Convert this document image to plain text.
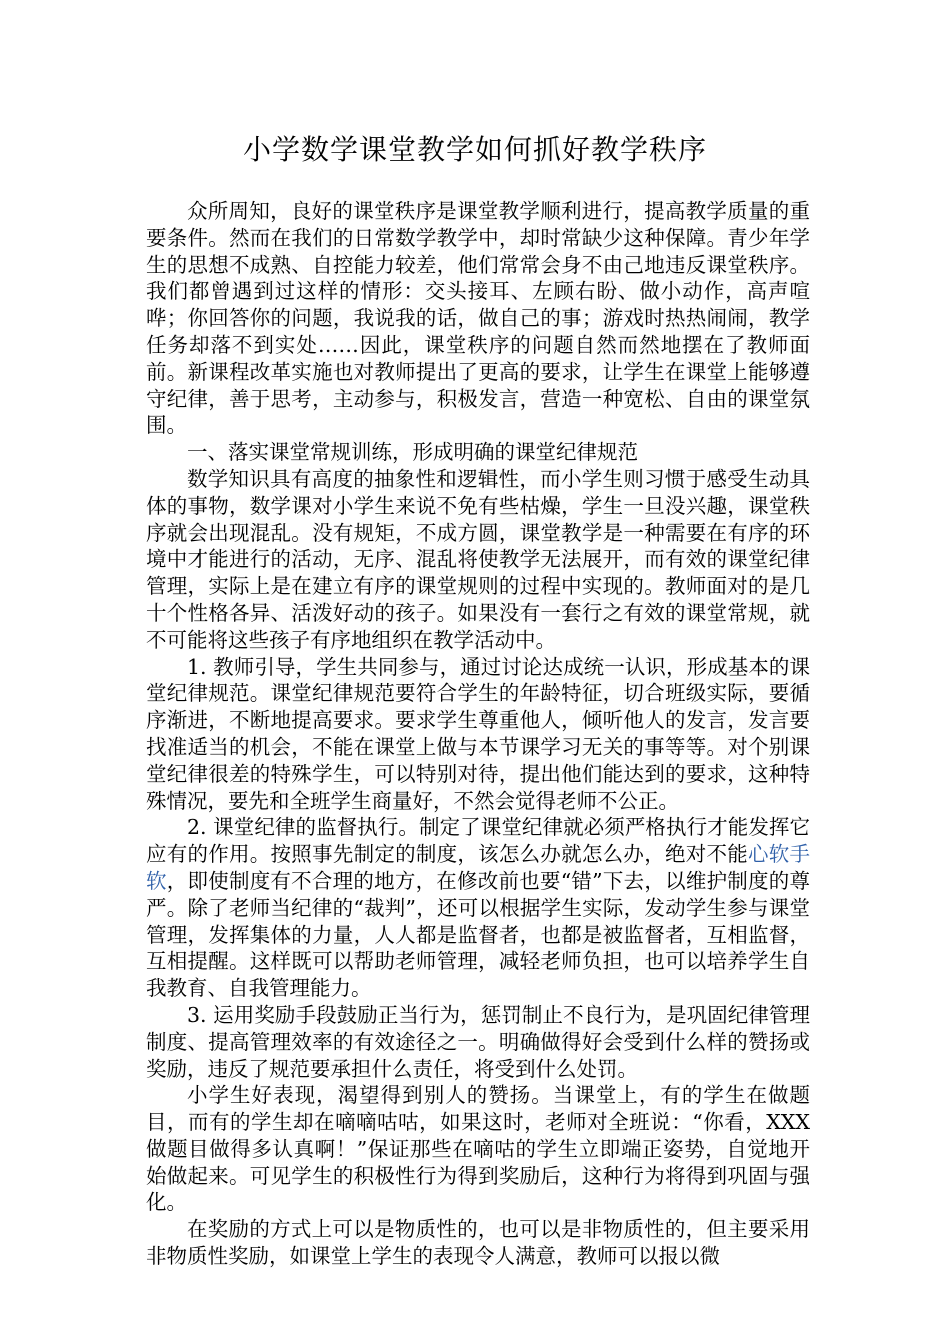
小学数学课堂教学如何抓好教学秩序

众所周知，良好的课堂秩序是课堂教学顺利进行，提高教学质量的重要条件。然而在我们的日常数学教学中，却时常缺少这种保障。青少年学生的思想不成熟、自控能力较差，他们常常会身不由己地违反课堂秩序。我们都曾遇到过这样的情形：交头接耳、左顾右盼、做小动作，高声喧哗；你回答你的问题，我说我的话，做自己的事；游戏时热热闹闹，教学任务却落不到实处……因此，课堂秩序的问题自然而然地摆在了教师面前。新课程改革实施也对教师提出了更高的要求，让学生在课堂上能够遵守纪律，善于思考，主动参与，积极发言，营造一种宽松、自由的课堂氛围。

一、落实课堂常规训练，形成明确的课堂纪律规范

数学知识具有高度的抽象性和逻辑性，而小学生则习惯于感受生动具体的事物，数学课对小学生来说不免有些枯燥，学生一旦没兴趣，课堂秩序就会出现混乱。没有规矩，不成方圆，课堂教学是一种需要在有序的环境中才能进行的活动，无序、混乱将使教学无法展开，而有效的课堂纪律管理，实际上是在建立有序的课堂规则的过程中实现的。教师面对的是几十个性格各异、活泼好动的孩子。如果没有一套行之有效的课堂常规，就不可能将这些孩子有序地组织在教学活动中。

1. 教师引导，学生共同参与，通过讨论达成统一认识，形成基本的课堂纪律规范。课堂纪律规范要符合学生的年龄特征，切合班级实际，要循序渐进，不断地提高要求。要求学生尊重他人，倾听他人的发言，发言要找准适当的机会，不能在课堂上做与本节课学习无关的事等等。对个别课堂纪律很差的特殊学生，可以特别对待，提出他们能达到的要求，这种特殊情况，要先和全班学生商量好，不然会觉得老师不公正。

2. 课堂纪律的监督执行。制定了课堂纪律就必须严格执行才能发挥它应有的作用。按照事先制定的制度，该怎么办就怎么办，绝对不能心软手软，即使制度有不合理的地方，在修改前也要“错”下去，以维护制度的尊严。除了老师当纪律的“裁判”，还可以根据学生实际，发动学生参与课堂管理，发挥集体的力量，人人都是监督者，也都是被监督者，互相监督，互相提醒。这样既可以帮助老师管理，减轻老师负担，也可以培养学生自我教育、自我管理能力。

3. 运用奖励手段鼓励正当行为，惩罚制止不良行为，是巩固纪律管理制度、提高管理效率的有效途径之一。明确做得好会受到什么样的赞扬或奖励，违反了规范要承担什么责任，将受到什么处罚。

小学生好表现，渴望得到别人的赞扬。当课堂上，有的学生在做题目，而有的学生却在嘀嘀咕咕，如果这时，老师对全班说：“你看，XXX做题目做得多认真啊！”保证那些在嘀咕的学生立即端正姿势，自觉地开始做起来。可见学生的积极性行为得到奖励后，这种行为将得到巩固与强化。

在奖励的方式上可以是物质性的，也可以是非物质性的，但主要采用非物质性奖励，如课堂上学生的表现令人满意，教师可以报以微
